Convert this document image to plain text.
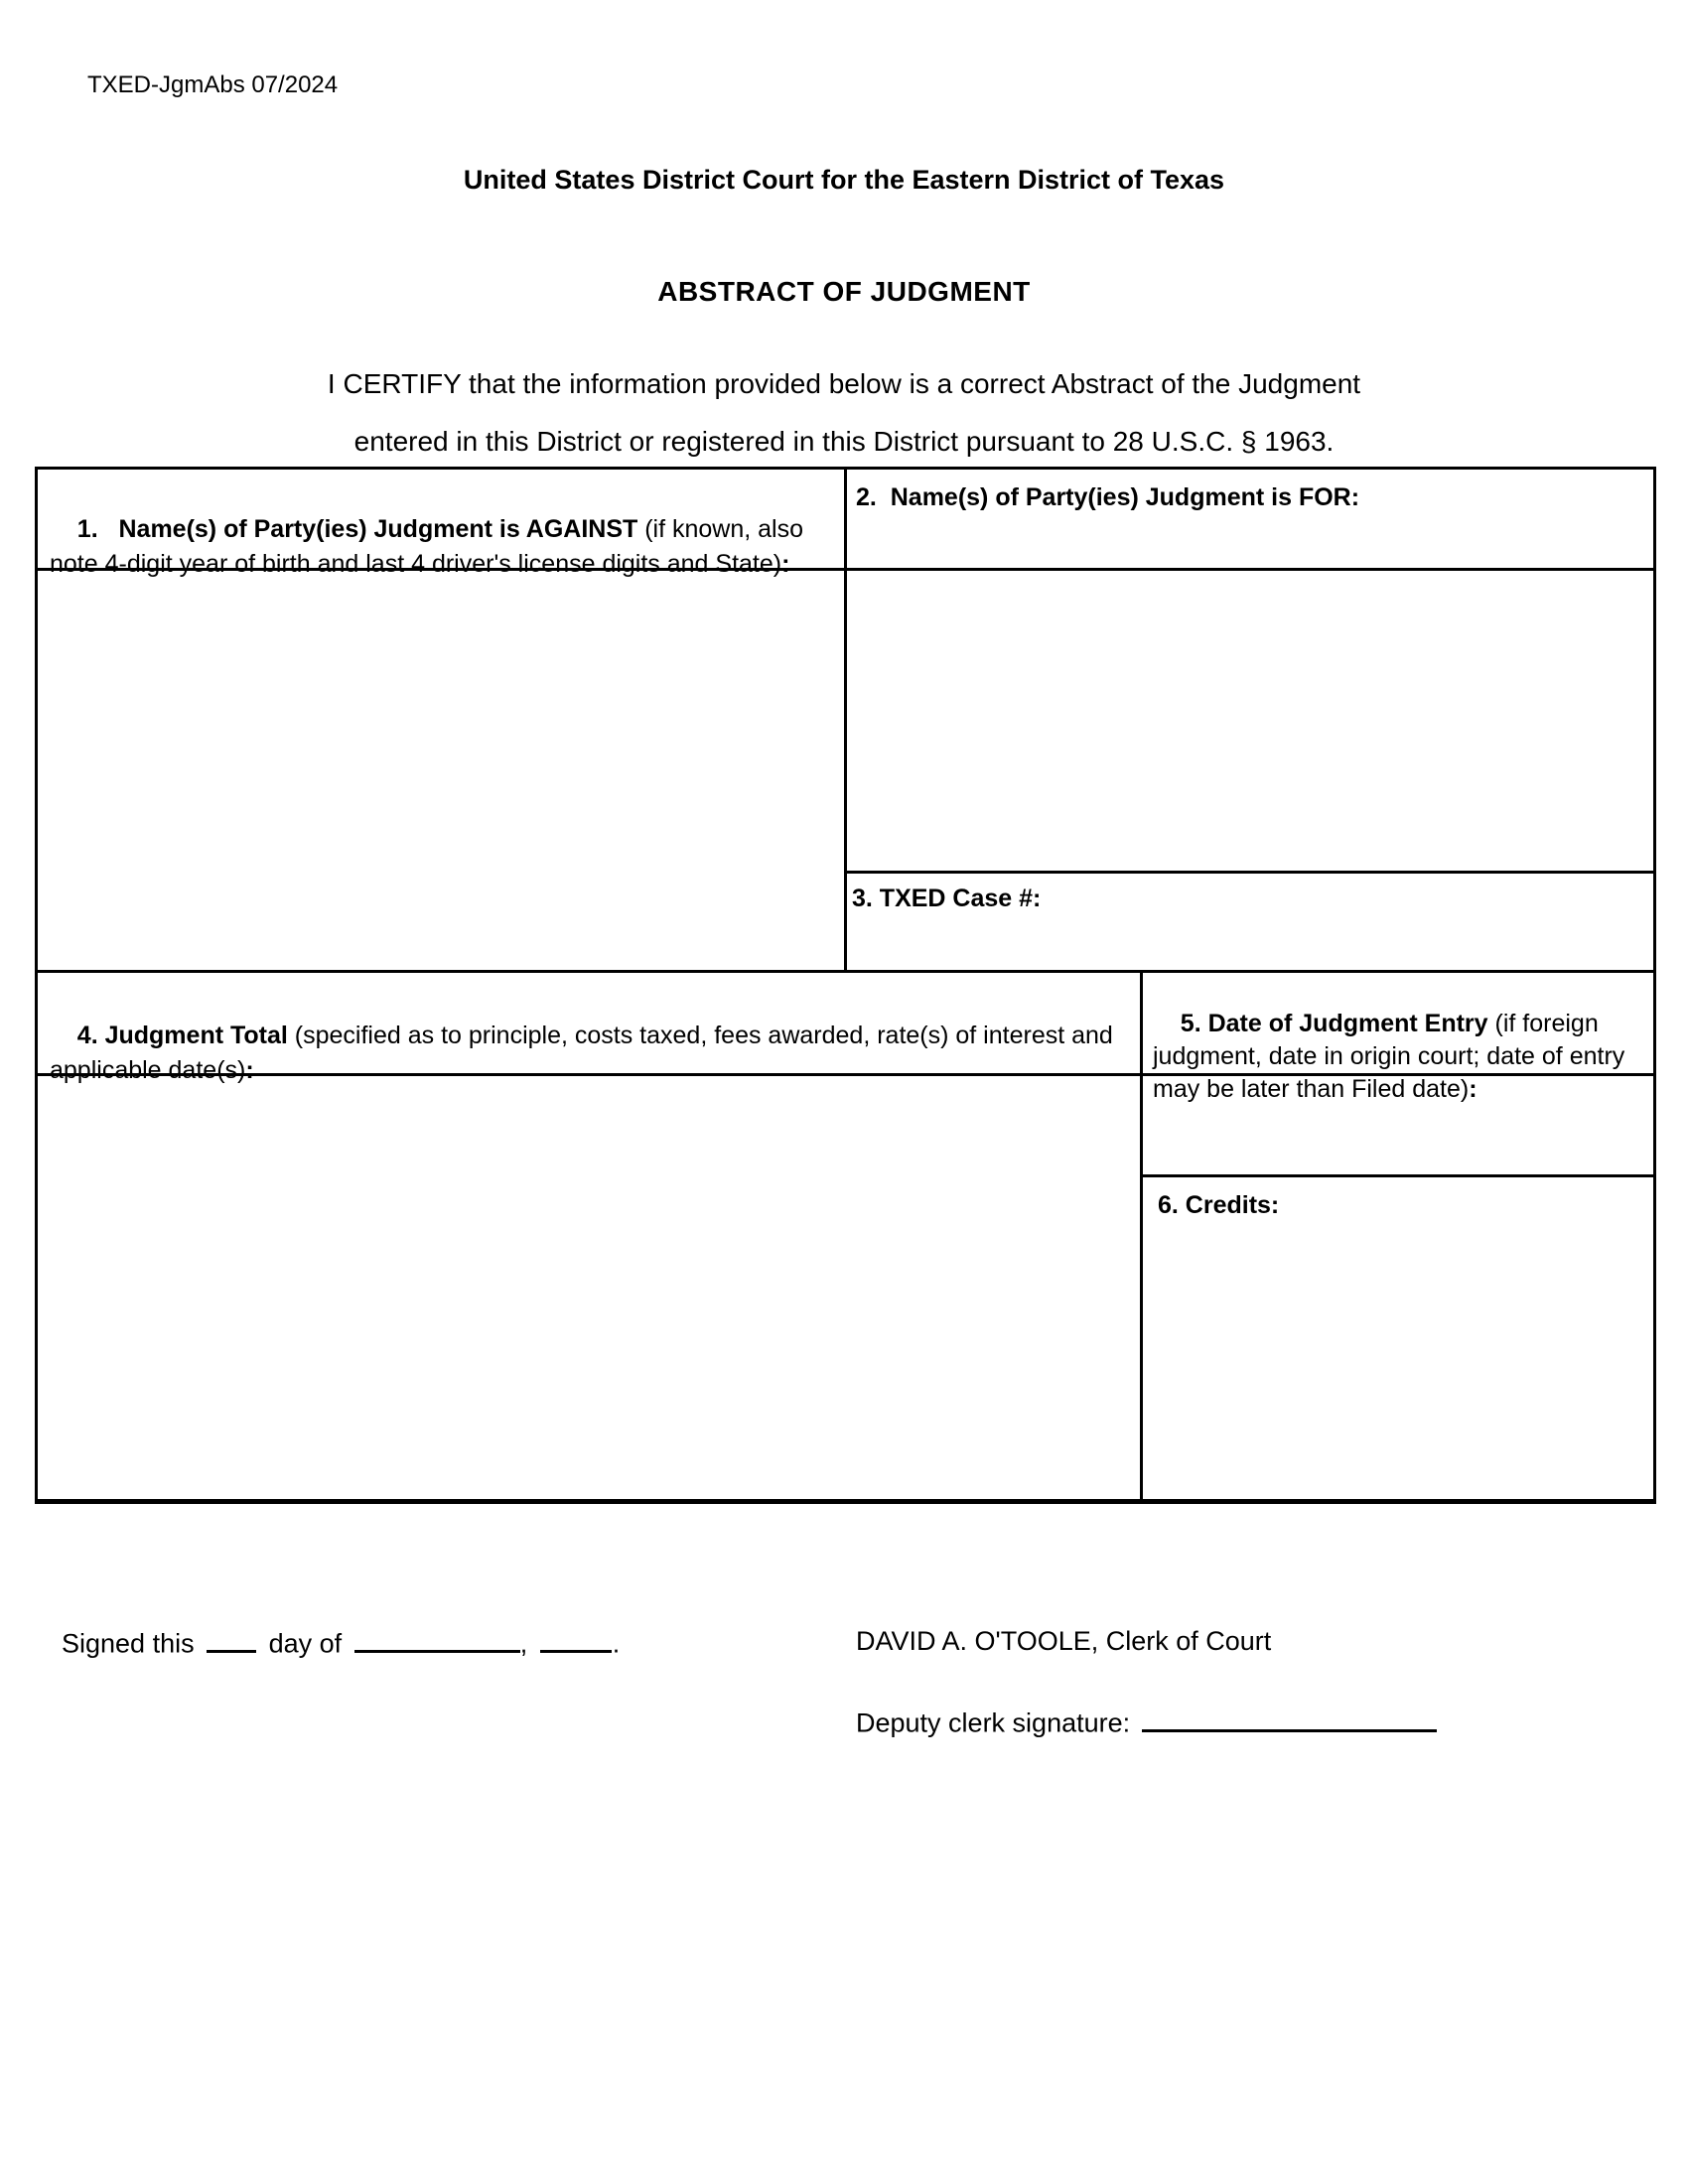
TXED-JgmAbs 07/2024
United States District Court for the Eastern District of Texas
ABSTRACT OF JUDGMENT
I CERTIFY that the information provided below is a correct Abstract of the Judgment
entered in this District or registered in this District pursuant to 28 U.S.C. § 1963.

1.   Name(s) of Party(ies) Judgment is AGAINST (if known, also note 4-digit year of birth and last 4 driver's license digits and State):

2.  Name(s) of Party(ies) Judgment is FOR:
3. TXED Case #:

4. Judgment Total (specified as to principle, costs taxed, fees awarded, rate(s) of interest and applicable date(s):

5. Date of Judgment Entry (if foreign judgment, date in origin court; date of entry may be later than Filed date):

6. Credits:
Signed this	day of	,	.	DAVID A. O'TOOLE, Clerk of Court
Deputy clerk signature:
